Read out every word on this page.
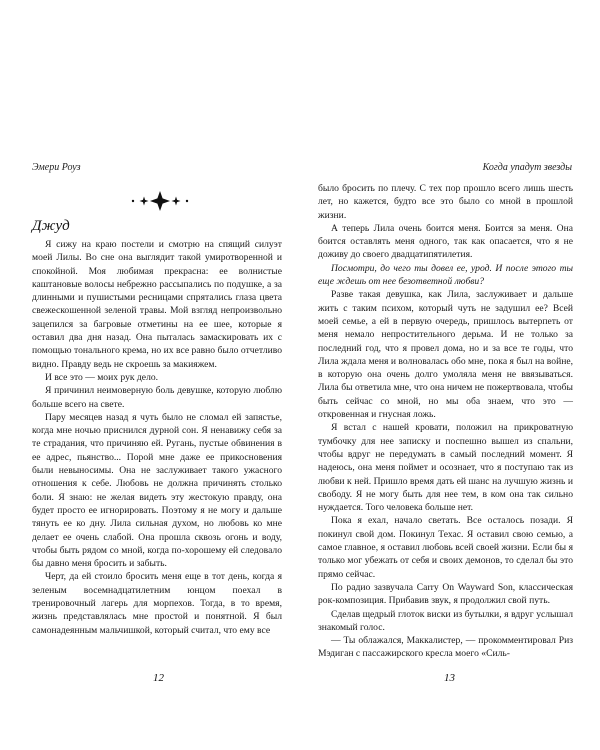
Эмери Роуз
Джуд

Я сижу на краю постели и смотрю на спящий силуэт моей Лилы. Во сне она выглядит такой умиротворенной и спокойной. Моя любимая прекрасна: ее волнистые каштановые волосы небрежно рассыпались по подушке, а за длинными и пушистыми ресницами спрятались глаза цвета свежескошенной зеленой травы. Мой взгляд непроизвольно зацепился за багровые отметины на ее шее, которые я оставил два дня назад. Она пыталась замаскировать их с помощью тонального крема, но их все равно было отчетливо видно. Правду ведь не скроешь за макияжем.

И все это — моих рук дело.

Я причинил неимоверную боль девушке, которую люблю больше всего на свете.

Пару месяцев назад я чуть было не сломал ей запястье, когда мне ночью приснился дурной сон. Я ненавижу себя за те страдания, что причиняю ей. Ругань, пустые обвинения в ее адрес, пьянство... Порой мне даже ее прикосновения были невыносимы. Она не заслуживает такого ужасного отношения к себе. Любовь не должна причинять столько боли. Я знаю: не желая видеть эту жестокую правду, она будет просто ее игнорировать. Поэтому я не могу и дальше тянуть ее ко дну. Лила сильная духом, но любовь ко мне делает ее очень слабой. Она прошла сквозь огонь и воду, чтобы быть рядом со мной, когда по-хорошему ей следовало бы давно меня бросить и забыть.

Черт, да ей стоило бросить меня еще в тот день, когда я зеленым восемнадцатилетним юнцом поехал в тренировочный лагерь для морпехов. Тогда, в то время, жизнь представлялась мне простой и понятной. Я был самонадеянным мальчишкой, который считал, что ему все

12
Когда упадут звезды

было бросить по плечу. С тех пор прошло всего лишь шесть лет, но кажется, будто все это было со мной в прошлой жизни.

А теперь Лила очень боится меня. Боится за меня. Она боится оставлять меня одного, так как опасается, что я не доживу до своего двадцатипятилетия.

Посмотри, до чего ты довел ее, урод. И после этого ты еще ждешь от нее безответной любви?

Разве такая девушка, как Лила, заслуживает и дальше жить с таким психом, который чуть не задушил ее? Всей моей семье, а ей в первую очередь, пришлось вытерпеть от меня немало непростительного дерьма. И не только за последний год, что я провел дома, но и за все те годы, что Лила ждала меня и волновалась обо мне, пока я был на войне, в которую она очень долго умоляла меня не ввязываться. Лила бы ответила мне, что она ничем не пожертвовала, чтобы быть сейчас со мной, но мы оба знаем, что это — откровенная и гнусная ложь.

Я встал с нашей кровати, положил на прикроватную тумбочку для нее записку и поспешно вышел из спальни, чтобы вдруг не передумать в самый последний момент. Я надеюсь, она меня поймет и осознает, что я поступаю так из любви к ней. Пришло время дать ей шанс на лучшую жизнь и свободу. Я не могу быть для нее тем, в ком она так сильно нуждается. Того человека больше нет.

Пока я ехал, начало светать. Все осталось позади. Я покинул свой дом. Покинул Техас. Я оставил свою семью, а самое главное, я оставил любовь всей своей жизни. Если бы я только мог убежать от себя и своих демонов, то сделал бы это прямо сейчас.

По радио зазвучала Carry On Wayward Son, классическая рок-композиция. Прибавив звук, я продолжил свой путь.

Сделав щедрый глоток виски из бутылки, я вдруг услышал знакомый голос.

— Ты облажался, Маккалистер, — прокомментировал Риз Мэдиган с пассажирского кресла моего «Силь-

13
